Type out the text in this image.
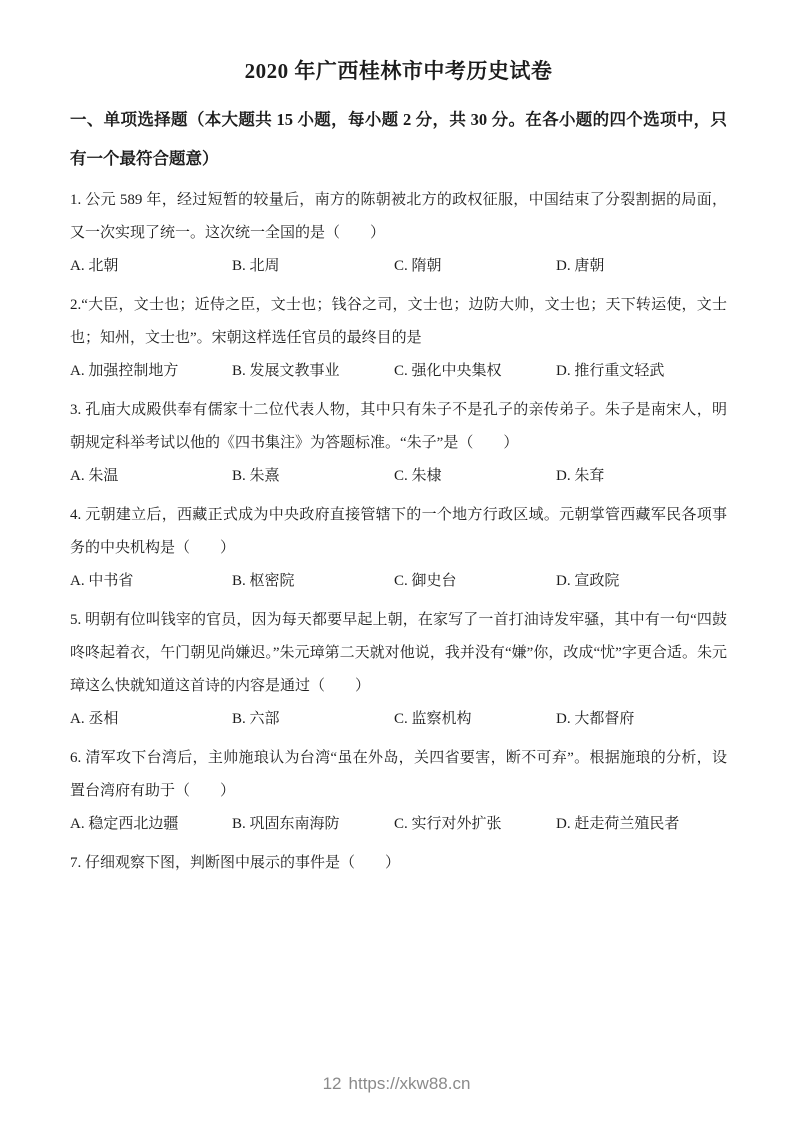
2020 年广西桂林市中考历史试卷

一、单项选择题（本大题共 15 小题，每小题 2 分，共 30 分。在各小题的四个选项中，只有一个最符合题意）

1. 公元 589 年，经过短暂的较量后，南方的陈朝被北方的政权征服，中国结束了分裂割据的局面，又一次实现了统一。这次统一全国的是（　　）

A. 北朝	B. 北周	C. 隋朝	D. 唐朝

2.“大臣，文士也；近侍之臣，文士也；钱谷之司，文士也；边防大帅，文士也；天下转运使，文士也；知州，文士也”。宋朝这样选任官员的最终目的是

A. 加强控制地方	B. 发展文教事业	C. 强化中央集权	D. 推行重文轻武

3. 孔庙大成殿供奉有儒家十二位代表人物，其中只有朱子不是孔子的亲传弟子。朱子是南宋人，明朝规定科举考试以他的《四书集注》为答题标准。“朱子”是（　　）

A. 朱温	B. 朱熹	C. 朱棣	D. 朱耷

4. 元朝建立后，西藏正式成为中央政府直接管辖下的一个地方行政区域。元朝掌管西藏军民各项事务的中央机构是（　　）

A. 中书省	B. 枢密院	C. 御史台	D. 宣政院

5. 明朝有位叫钱宰的官员，因为每天都要早起上朝，在家写了一首打油诗发牢骚，其中有一句“四鼓咚咚起着衣，午门朝见尚嫌迟。”朱元璋第二天就对他说，我并没有“嫌”你，改成“忧”字更合适。朱元璋这么快就知道这首诗的内容是通过（　　）

A. 丞相	B. 六部	C. 监察机构	D. 大都督府

6. 清军攻下台湾后，主帅施琅认为台湾“虽在外岛，关四省要害，断不可弃”。根据施琅的分析，设置台湾府有助于（　　）

A. 稳定西北边疆	B. 巩固东南海防	C. 实行对外扩张	D. 赶走荷兰殖民者

7. 仔细观察下图，判断图中展示的事件是（　　）

12 https://xkw88.cn
